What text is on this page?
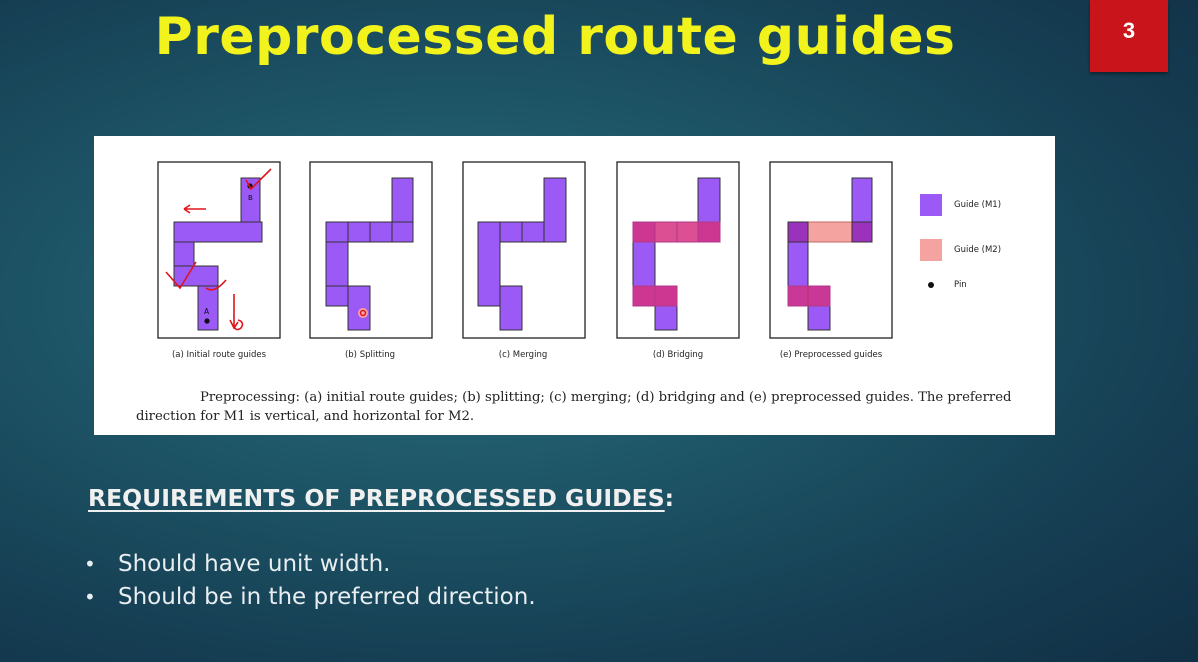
Preprocessed route guides	3
A
B
(a) Initial route guides	(b) Splitting	(c) Merging	(d) Bridging	(e) Preprocessed guides
Guide (M1)
Guide (M2)
Pin
Preprocessing: (a) initial route guides; (b) splitting; (c) merging; (d) bridging and (e) preprocessed guides. The preferred
direction for M1 is vertical, and horizontal for M2.
REQUIREMENTS OF PREPROCESSED GUIDES:
• Should have unit width.
• Should be in the preferred direction.
